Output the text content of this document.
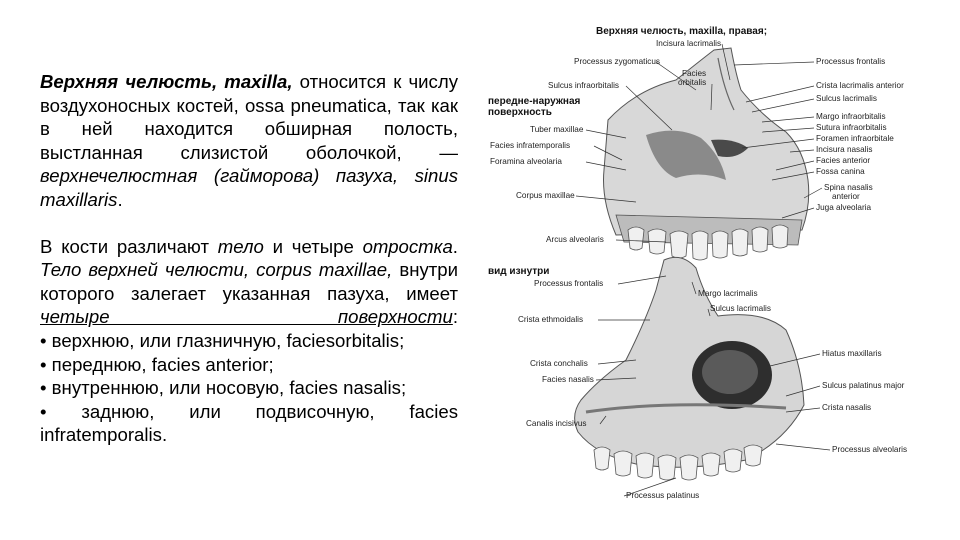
Верхняя челюсть, maxilla, относится к числу воздухоносных костей, ossa pneumatica, так как в ней находится обширная полость, выстланная слизистой оболочкой, — верхнечелюстная (гайморова) пазуха, sinus maxillaris.

В кости различают тело и четыре отростка.

Тело верхней челюсти, corpus maxillae, внутри которого залегает указанная пазуха, имеет четыре поверхности:

• верхнюю, или глазничную, faciesorbitalis;

• переднюю, facies anterior;

• внутреннюю, или носовую, facies nasalis;

• заднюю, или подвисочную, facies infratemporalis.

Верхняя челюсть, maxilla, правая;
передне-наружная поверхность
Processus zygomaticus
Sulcus infraorbitalis
Tuber maxillae
Facies infratemporalis
Foramina alveolaria
Corpus maxillae
Arcus alveolaris
Incisura lacrimalis
Facies orbitalis
Processus frontalis
Crista lacrimalis anterior
Sulcus lacrimalis
Margo infraorbitalis
Sutura infraorbitalis
Foramen infraorbitale
Incisura nasalis
Facies anterior
Fossa canina
Spina nasalis anterior
Juga alveolaria
вид изнутри
Processus frontalis
Crista ethmoidalis
Crista conchalis
Facies nasalis
Canalis incisivus
Margo lacrimalis
Sulcus lacrimalis
Hiatus maxillaris
Sulcus palatinus major
Crista nasalis
Processus alveolaris
Processus palatinus
